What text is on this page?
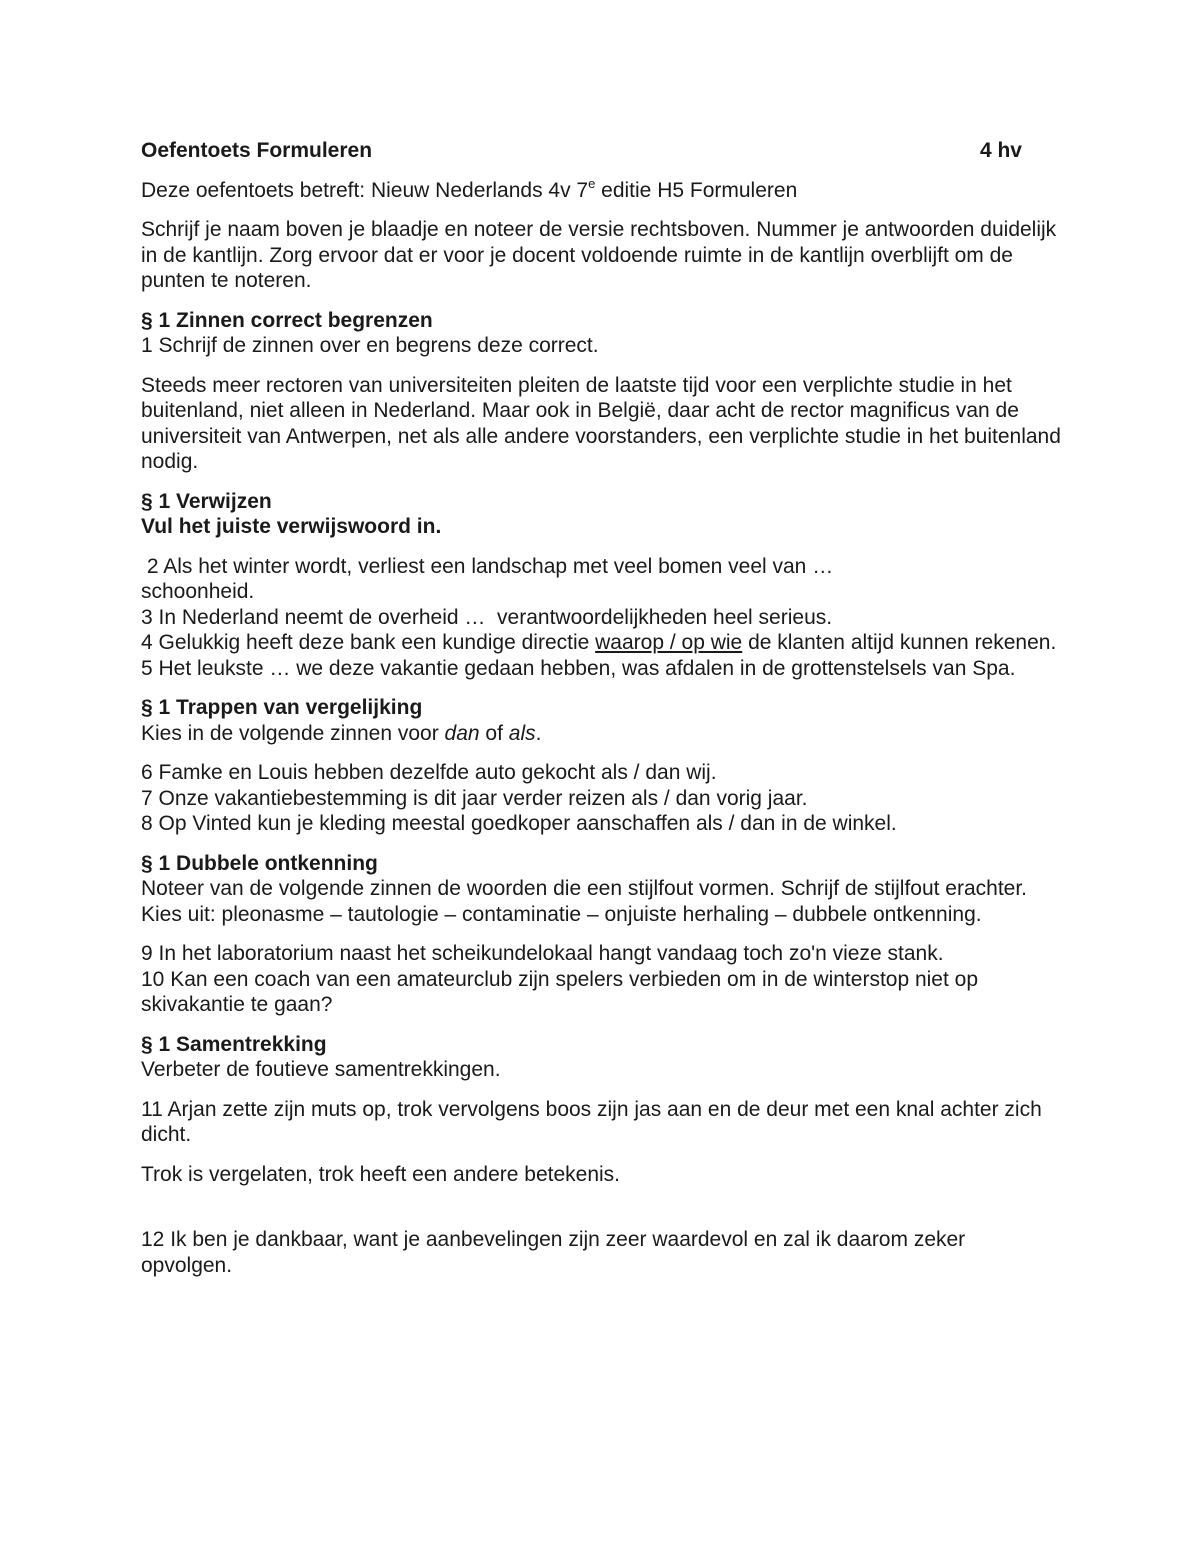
Oefentoets Formuleren	4 hv

Deze oefentoets betreft: Nieuw Nederlands 4v 7e editie H5 Formuleren

Schrijf je naam boven je blaadje en noteer de versie rechtsboven. Nummer je antwoorden duidelijk in de kantlijn. Zorg ervoor dat er voor je docent voldoende ruimte in de kantlijn overblijft om de punten te noteren.

§ 1 Zinnen correct begrenzen

1 Schrijf de zinnen over en begrens deze correct.

Steeds meer rectoren van universiteiten pleiten de laatste tijd voor een verplichte studie in het buitenland, niet alleen in Nederland. Maar ook in België, daar acht de rector magnificus van de universiteit van Antwerpen, net als alle andere voorstanders, een verplichte studie in het buitenland nodig.

§ 1 Verwijzen

Vul het juiste verwijswoord in.

2 Als het winter wordt, verliest een landschap met veel bomen veel van …

schoonheid.

3 In Nederland neemt de overheid …  verantwoordelijkheden heel serieus.

4 Gelukkig heeft deze bank een kundige directie waarop / op wie de klanten altijd kunnen rekenen.

5 Het leukste … we deze vakantie gedaan hebben, was afdalen in de grottenstelsels van Spa.

§ 1 Trappen van vergelijking

Kies in de volgende zinnen voor dan of als.

6 Famke en Louis hebben dezelfde auto gekocht als / dan wij.

7 Onze vakantiebestemming is dit jaar verder reizen als / dan vorig jaar.

8 Op Vinted kun je kleding meestal goedkoper aanschaffen als / dan in de winkel.

§ 1 Dubbele ontkenning

Noteer van de volgende zinnen de woorden die een stijlfout vormen. Schrijf de stijlfout erachter. Kies uit: pleonasme – tautologie – contaminatie – onjuiste herhaling – dubbele ontkenning.

9 In het laboratorium naast het scheikundelokaal hangt vandaag toch zo'n vieze stank.

10 Kan een coach van een amateurclub zijn spelers verbieden om in de winterstop niet op skivakantie te gaan?

§ 1 Samentrekking

Verbeter de foutieve samentrekkingen.

11 Arjan zette zijn muts op, trok vervolgens boos zijn jas aan en de deur met een knal achter zich dicht.

Trok is vergelaten, trok heeft een andere betekenis.

12 Ik ben je dankbaar, want je aanbevelingen zijn zeer waardevol en zal ik daarom zeker opvolgen.
